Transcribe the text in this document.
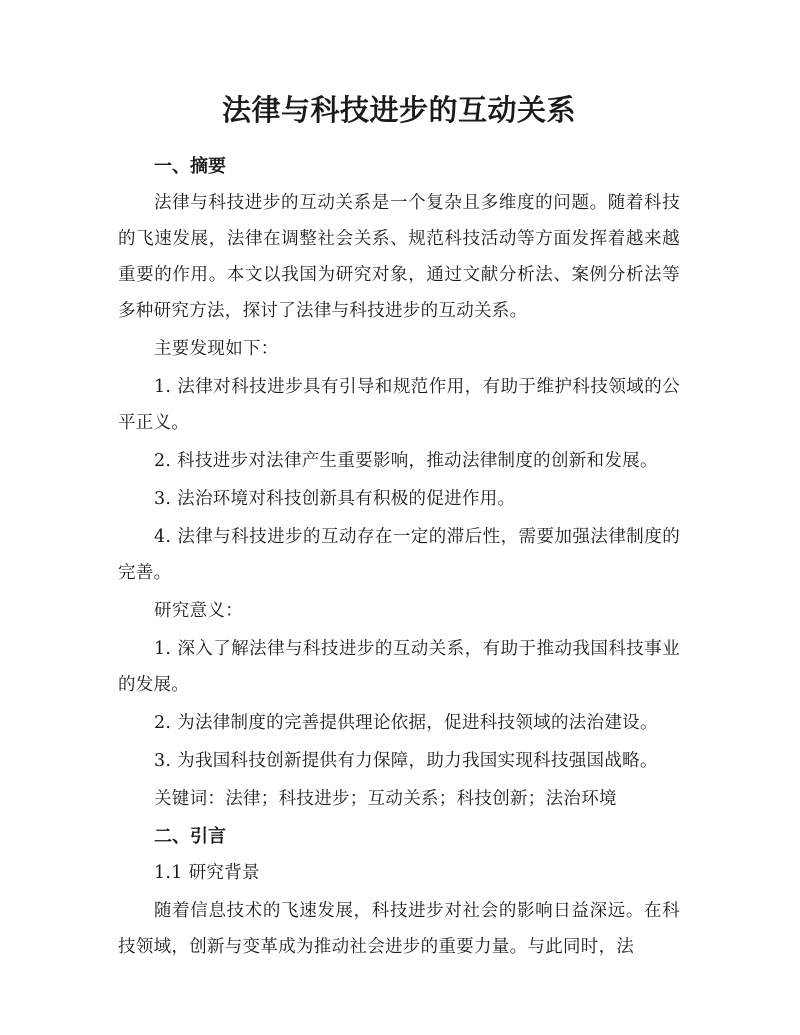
法律与科技进步的互动关系
一、摘要

法律与科技进步的互动关系是一个复杂且多维度的问题。随着科技的飞速发展，法律在调整社会关系、规范科技活动等方面发挥着越来越重要的作用。本文以我国为研究对象，通过文献分析法、案例分析法等多种研究方法，探讨了法律与科技进步的互动关系。

主要发现如下：

1. 法律对科技进步具有引导和规范作用，有助于维护科技领域的公平正义。

2. 科技进步对法律产生重要影响，推动法律制度的创新和发展。

3. 法治环境对科技创新具有积极的促进作用。

4. 法律与科技进步的互动存在一定的滞后性，需要加强法律制度的完善。

研究意义：

1. 深入了解法律与科技进步的互动关系，有助于推动我国科技事业的发展。

2. 为法律制度的完善提供理论依据，促进科技领域的法治建设。

3. 为我国科技创新提供有力保障，助力我国实现科技强国战略。

关键词：法律；科技进步；互动关系；科技创新；法治环境

二、引言

1.1 研究背景

随着信息技术的飞速发展，科技进步对社会的影响日益深远。在科技领域，创新与变革成为推动社会进步的重要力量。与此同时，法
